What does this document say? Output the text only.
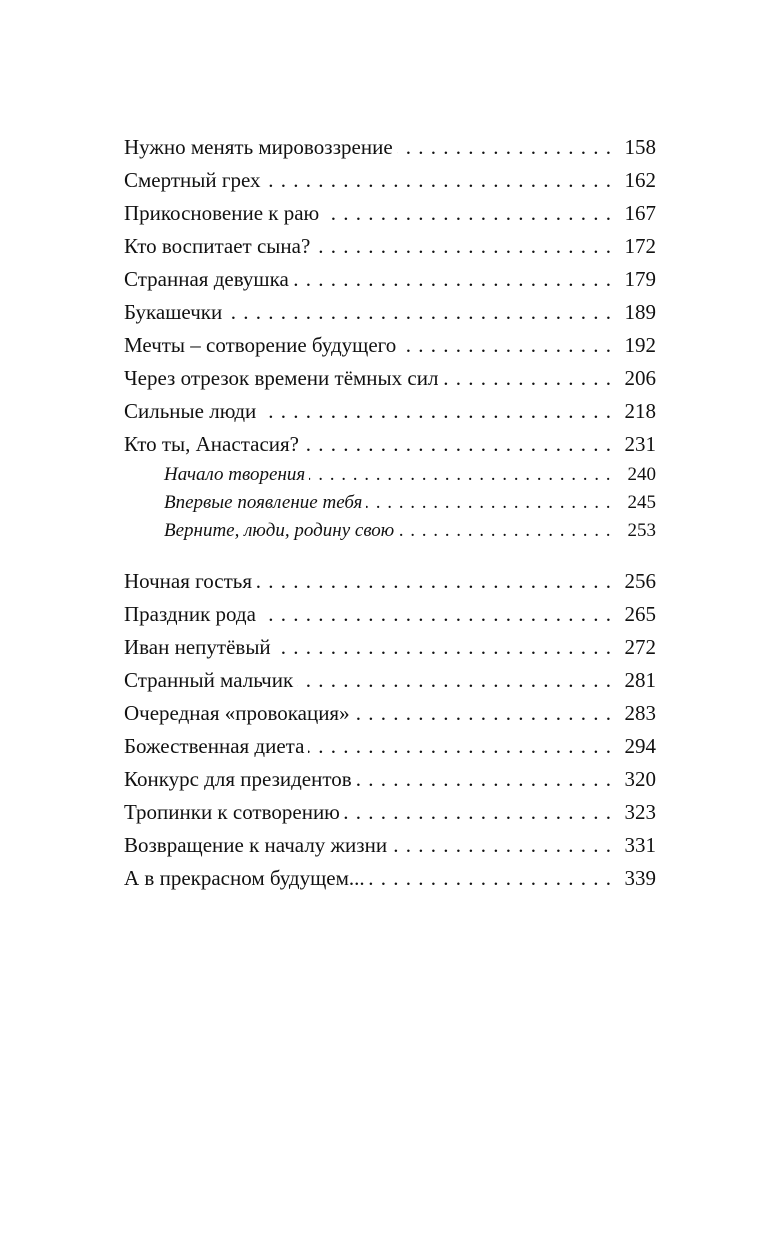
Нужно менять мировоззрение . . .	158
Смертный грех . . .	162
Прикосновение к раю . . .	167
Кто воспитает сына? . . .	172
Странная девушка . . .	179
Букашечки . . .	189
Мечты – сотворение будущего . . .	192
Через отрезок времени тёмных сил . . .	206
Сильные люди . . .	218
Кто ты, Анастасия? . . .	231
Начало творения . . .	240
Впервые появление тебя . . .	245
Верните, люди, родину свою . . .	253
Ночная гостья . . .	256
Праздник рода . . .	265
Иван непутёвый . . .	272
Странный мальчик . . .	281
Очередная «провокация» . . .	283
Божественная диета . . .	294
Конкурс для президентов . . .	320
Тропинки к сотворению . . .	323
Возвращение к началу жизни . . .	331
А в прекрасном будущем... . . .	339
